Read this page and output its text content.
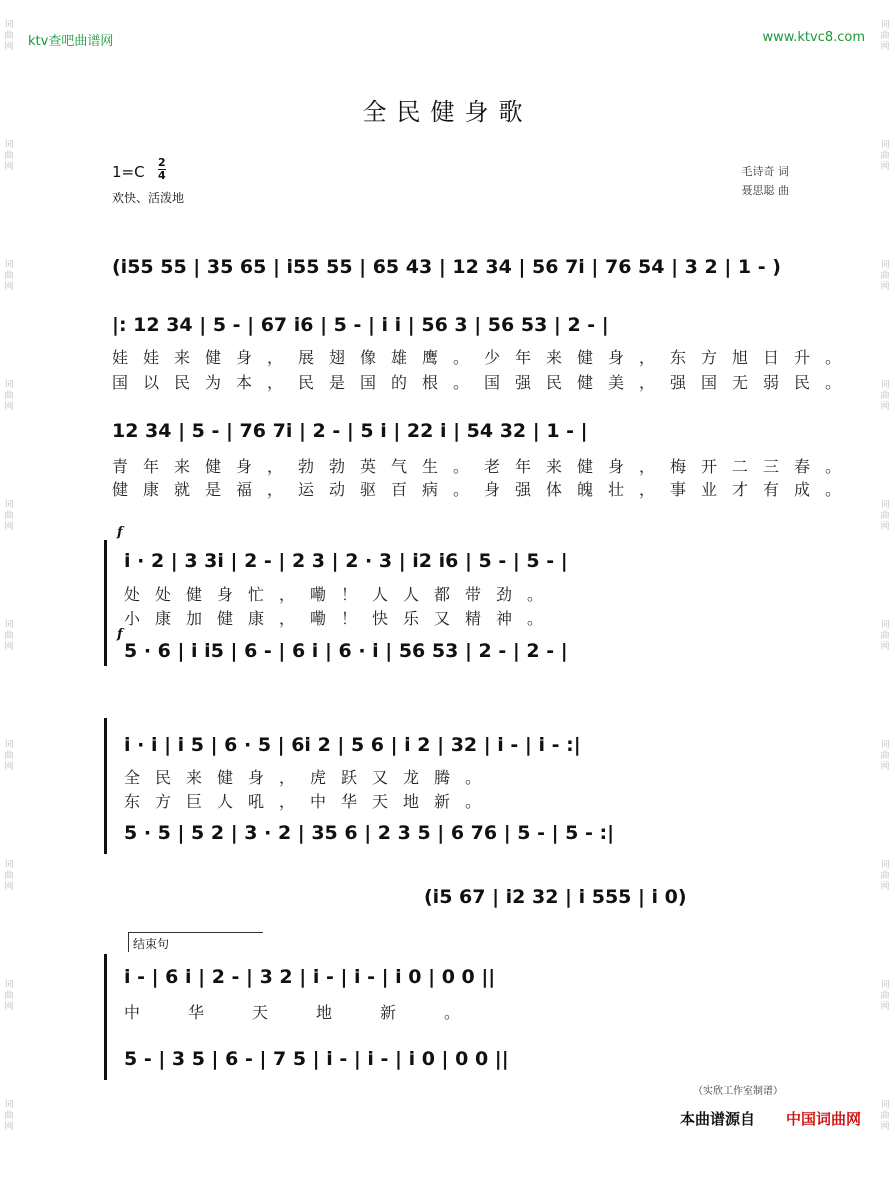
词曲网
词曲网
词曲网
词曲网
词曲网
词曲网
词曲网
词曲网
词曲网
词曲网
词曲网
词曲网
词曲网
词曲网
词曲网
词曲网
词曲网
词曲网
词曲网
词曲网
ktv查吧曲谱网	www.ktvc8.com
全民健身歌
1=C
2
4
欢快、活泼地
毛诗奇 词
聂思聪 曲
(i55 55 | 35 65 | i55 55 | 65 43 | 12 34 | 56 7i | 76 54 | 3 2 | 1 - )
|: 12 34 | 5 - | 67 i6 | 5 - | i i | 56 3 | 56 53 | 2 - |
娃娃来健身，展翅像雄鹰。少年来健身，东方旭日升。
国以民为本，民是国的根。国强民健美，强国无弱民。
12 34 | 5 - | 76 7i | 2 - | 5 i | 22 i | 54 32 | 1 - |
青年来健身，勃勃英气生。老年来健身，梅开二三春。
健康就是福，运动驱百病。身强体魄壮，事业才有成。
f
i · 2 | 3 3i | 2 - | 2 3 | 2 · 3 | i2 i6 | 5 - | 5 - |
处处健身忙，嘞！人人都带劲。
小康加健康，嘞！快乐又精神。
f
5 · 6 | i i5 | 6 - | 6 i | 6 · i | 56 53 | 2 - | 2 - |
i · i | i 5 | 6 · 5 | 6i 2 | 5 6 | i 2 | 32 | i - | i - :|
全民来健身，虎跃又龙腾。
东方巨人吼，中华天地新。
5 · 5 | 5 2 | 3 · 2 | 35 6 | 2 3 5 | 6 76 | 5 - | 5 - :|
(i5 67 | i2 32 | i 555 | i 0)
结束句
i - | 6 i | 2 - | 3 2 | i - | i - | i 0 | 0 0 ||
中华天地新。
5 - | 3 5 | 6 - | 7 5 | i - | i - | i 0 | 0 0 ||
（实欣工作室制谱）
本曲谱源自 中国词曲网
